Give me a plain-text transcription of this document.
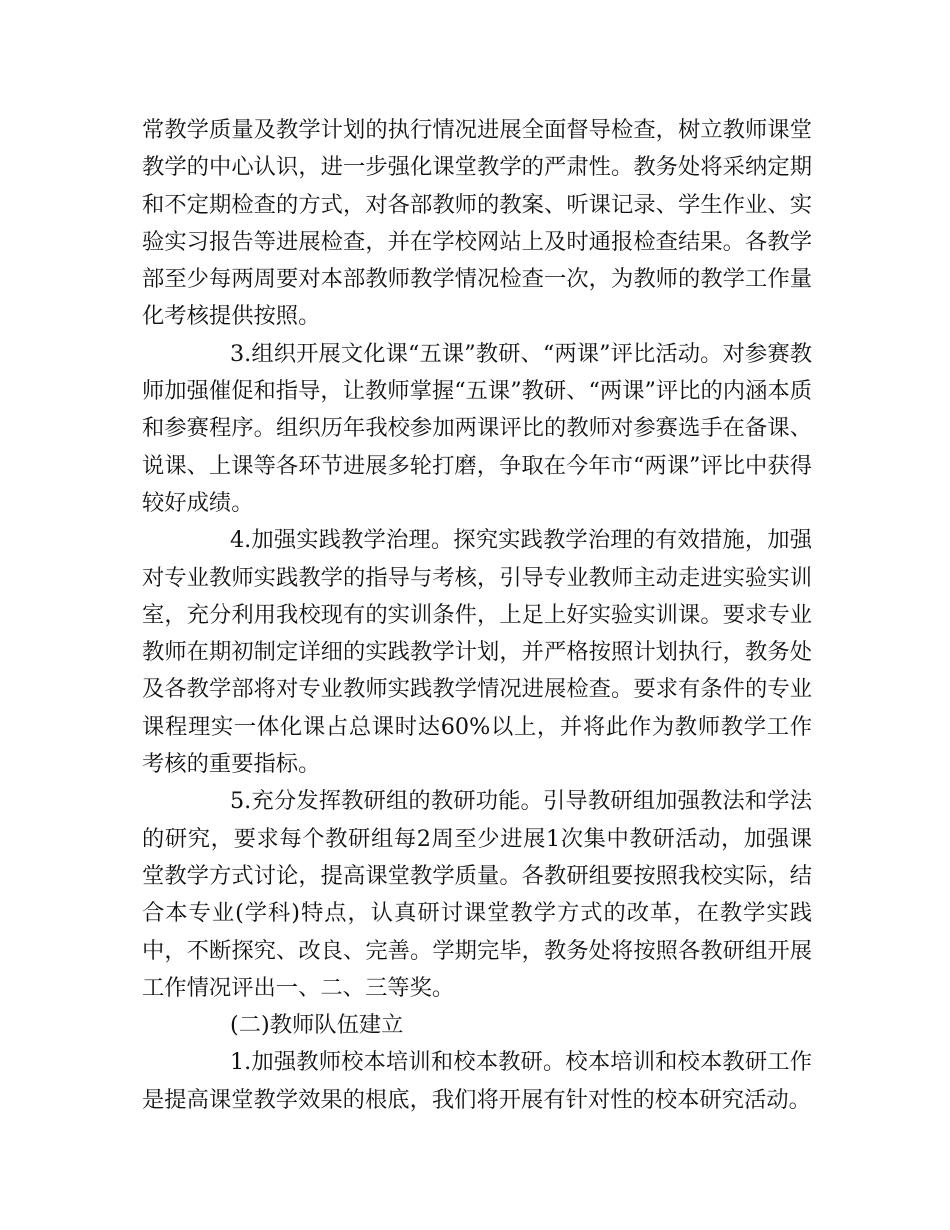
常教学质量及教学计划的执行情况进展全面督导检查，树立教师课堂教学的中心认识，进一步强化课堂教学的严肃性。教务处将采纳定期和不定期检查的方式，对各部教师的教案、听课记录、学生作业、实验实习报告等进展检查，并在学校网站上及时通报检查结果。各教学部至少每两周要对本部教师教学情况检查一次，为教师的教学工作量化考核提供按照。

3.组织开展文化课“五课”教研、“两课”评比活动。对参赛教师加强催促和指导，让教师掌握“五课”教研、“两课”评比的内涵本质和参赛程序。组织历年我校参加两课评比的教师对参赛选手在备课、说课、上课等各环节进展多轮打磨，争取在今年市“两课”评比中获得较好成绩。

4.加强实践教学治理。探究实践教学治理的有效措施，加强对专业教师实践教学的指导与考核，引导专业教师主动走进实验实训室，充分利用我校现有的实训条件，上足上好实验实训课。要求专业教师在期初制定详细的实践教学计划，并严格按照计划执行，教务处及各教学部将对专业教师实践教学情况进展检查。要求有条件的专业课程理实一体化课占总课时达60%以上，并将此作为教师教学工作考核的重要指标。

5.充分发挥教研组的教研功能。引导教研组加强教法和学法的研究，要求每个教研组每2周至少进展1次集中教研活动，加强课堂教学方式讨论，提高课堂教学质量。各教研组要按照我校实际，结合本专业(学科)特点，认真研讨课堂教学方式的改革，在教学实践中，不断探究、改良、完善。学期完毕，教务处将按照各教研组开展工作情况评出一、二、三等奖。

(二)教师队伍建立

1.加强教师校本培训和校本教研。校本培训和校本教研工作是提高课堂教学效果的根底，我们将开展有针对性的校本研究活动。
